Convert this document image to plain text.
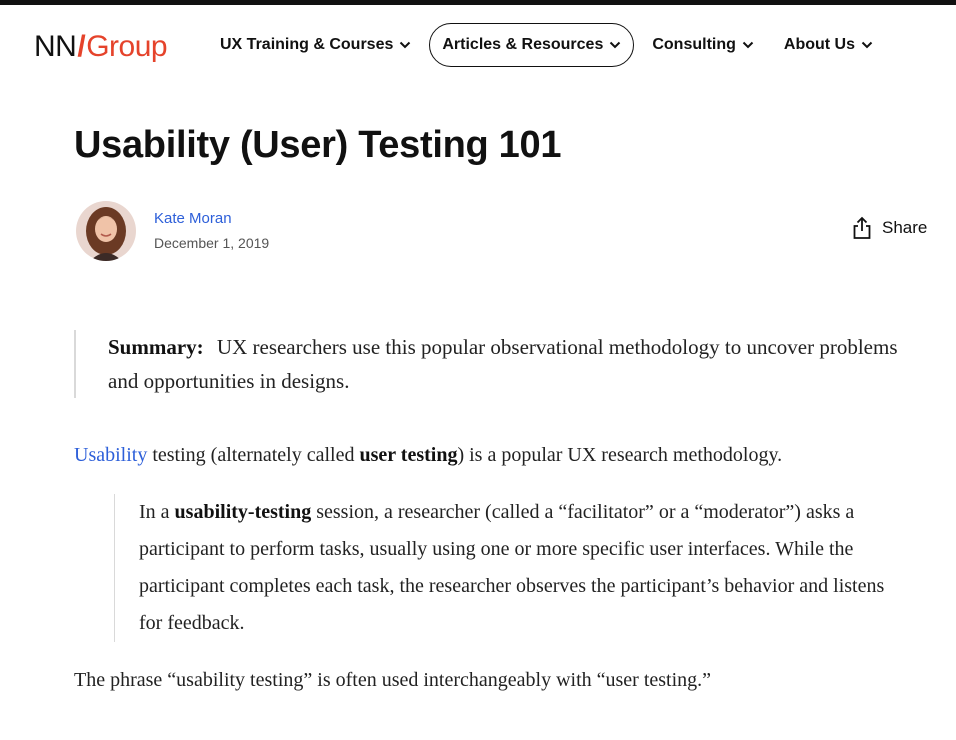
NN / Group	UX Training & Courses	Articles & Resources	Consulting	About Us
Usability (User) Testing 101
Kate Moran
December 1, 2019
Share
Summary: UX researchers use this popular observational methodology to uncover problems and opportunities in designs.

Usability testing (alternately called user testing) is a popular UX research methodology.

In a usability-testing session, a researcher (called a “facilitator” or a “moderator”) asks a participant to perform tasks, usually using one or more specific user interfaces. While the participant completes each task, the researcher observes the participant’s behavior and listens for feedback.

The phrase “usability testing” is often used interchangeably with “user testing.”
